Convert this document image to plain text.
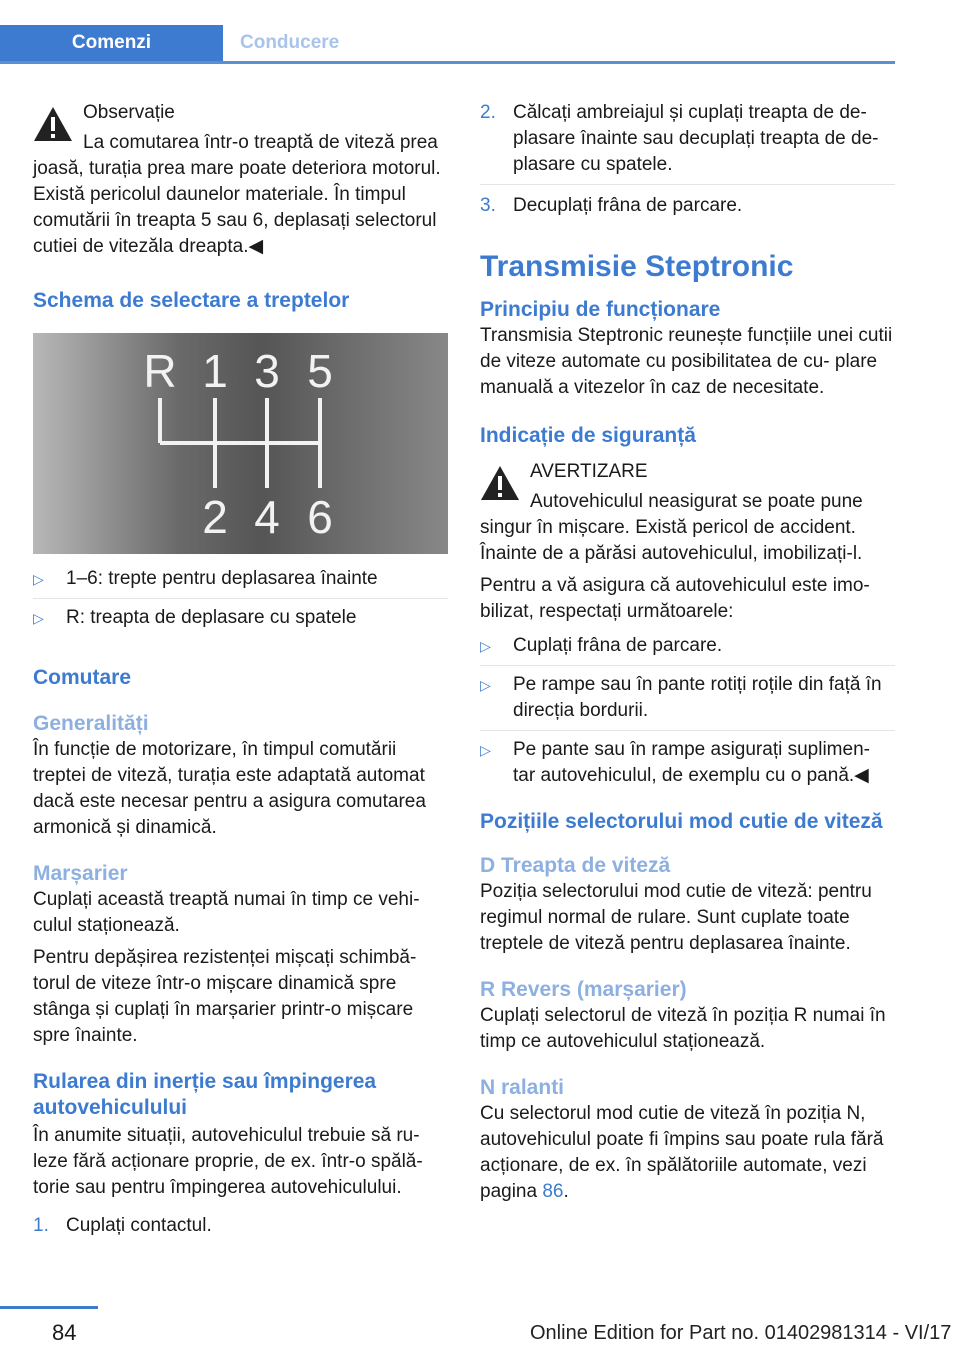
Comenzi	Conducere

Observație

La comutarea într‐o treaptă de viteză prea joasă, turația prea mare poate deteriora motorul. Există pericolul daunelor materiale. În timpul comutării în treapta 5 sau 6, deplasați selectorul cutiei de vitezăla dreapta.◀

Schema de selectare a treptelor
R 1 3 5
2 4 6
▷ 1–6: trepte pentru deplasarea înainte
▷ R: treapta de deplasare cu spatele
Comutare
Generalități

În funcție de motorizare, în timpul comutării treptei de viteză, turația este adaptată automat dacă este necesar pentru a asigura comutarea armonică și dinamică.

Marșarier

Cuplați această treaptă numai în timp ce vehi‐ culul staționează.

Pentru depășirea rezistenței mișcați schimbă‐ torul de viteze într‐o mișcare dinamică spre stânga și cuplați în marșarier printr‐o mișcare spre înainte.

Rularea din inerție sau împingerea autovehiculului

În anumite situații, autovehiculul trebuie să ru‐ leze fără acționare proprie, de ex. într‐o spălă‐ torie sau pentru împingerea autovehiculului.

1. Cuplați contactul.
2. Călcați ambreiajul și cuplați treapta de de‐ plasare înainte sau decuplați treapta de de‐ plasare cu spatele.
3. Decuplați frâna de parcare.
Transmisie Steptronic
Principiu de funcționare

Transmisia Steptronic reunește funcțiile unei cutii de viteze automate cu posibilitatea de cu‐ plare manuală a vitezelor în caz de necesitate.

Indicație de siguranță

AVERTIZARE

Autovehiculul neasigurat se poate pune singur în mișcare. Există pericol de accident. Înainte de a părăsi autovehiculul, imobilizați‐l.

Pentru a vă asigura că autovehiculul este imo‐ bilizat, respectați următoarele:

▷ Cuplați frâna de parcare.
▷ Pe rampe sau în pante rotiți roțile din față în direcția bordurii.
▷ Pe pante sau în rampe asigurați suplimen‐ tar autovehiculul, de exemplu cu o pană.◀
Pozițiile selectorului mod cutie de viteză
D Treapta de viteză

Poziția selectorului mod cutie de viteză: pentru regimul normal de rulare. Sunt cuplate toate treptele de viteză pentru deplasarea înainte.

R Revers (marșarier)

Cuplați selectorul de viteză în poziția R numai în timp ce autovehiculul staționează.

N ralanti

Cu selectorul mod cutie de viteză în poziția N, autovehiculul poate fi împins sau poate rula fără acționare, de ex. în spălătoriile automate, vezi pagina 86.

84	Online Edition for Part no. 01402981314 - VI/17
